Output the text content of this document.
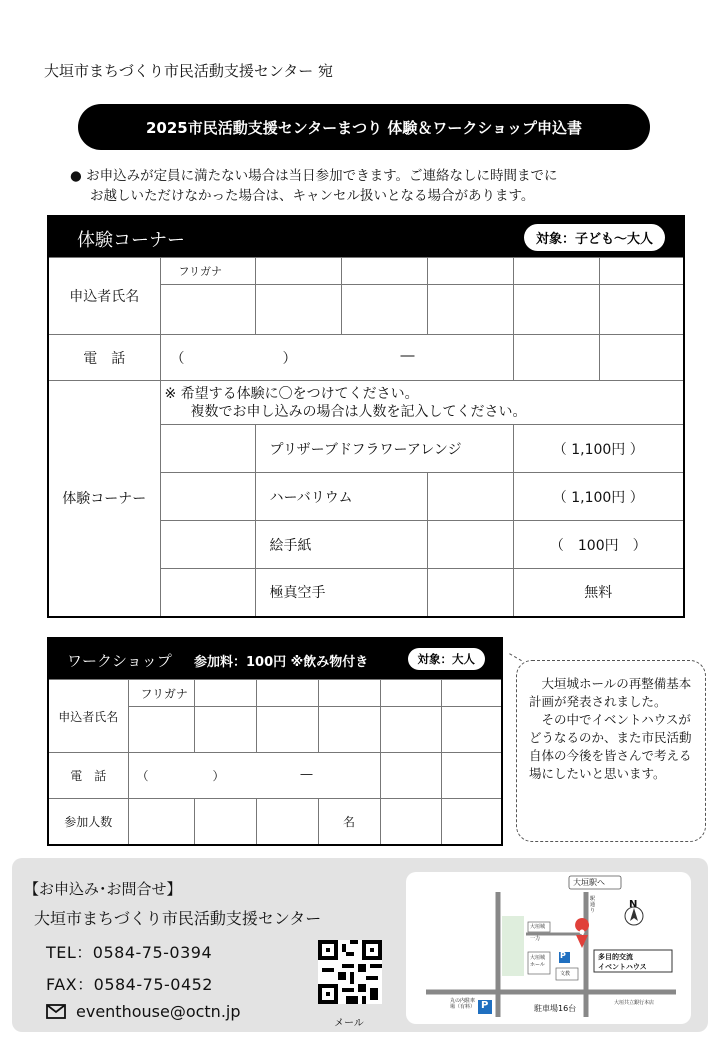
大垣市まちづくり市民活動支援センター 宛
2025市民活動支援センターまつり 体験＆ワークショップ申込書
● お申込みが定員に満たない場合は当日参加できます。ご連絡なしに時間までに
お越しいただけなかった場合は、キャンセル扱いとなる場合があります。
体験コーナー 対象：子ども～大人						

申込者氏名	フリガナ					

電　話	（ ） ―					

体験コーナー	※ 希望する体験に〇をつけてください。
複数でお申し込みの場合は人数を記入してください。					

		プリザーブドフラワーアレンジ			（ 1,100円 ）	
		ハーバリウム			（ 1,100円 ）	
		絵手紙			（　100円　）	
		極真空手			無料	
ワークショップ 参加料：100円 ※飲み物付き 対象：大人						

申込者氏名	フリガナ					

電　話	（ ） ―					

参加人数				名		
大垣城ホールの再整備基本計画が発表されました。
その中でイベントハウスがどうなるのか、また市民活動自体の今後を皆さんで考える場にしたいと思います。
【お申込み･お問合せ】
大垣市まちづくり市民活動支援センター
TEL：0584-75-0394
FAX：0584-75-0452
eventhouse@octn.jp
メール
大垣駅へ
N
大垣城
大垣城ホール
一力
文教
駅通り
多目的交流
イベントハウス
P
P
丸の内駐車場（有料）	駐車場16台
大垣共立銀行本店
